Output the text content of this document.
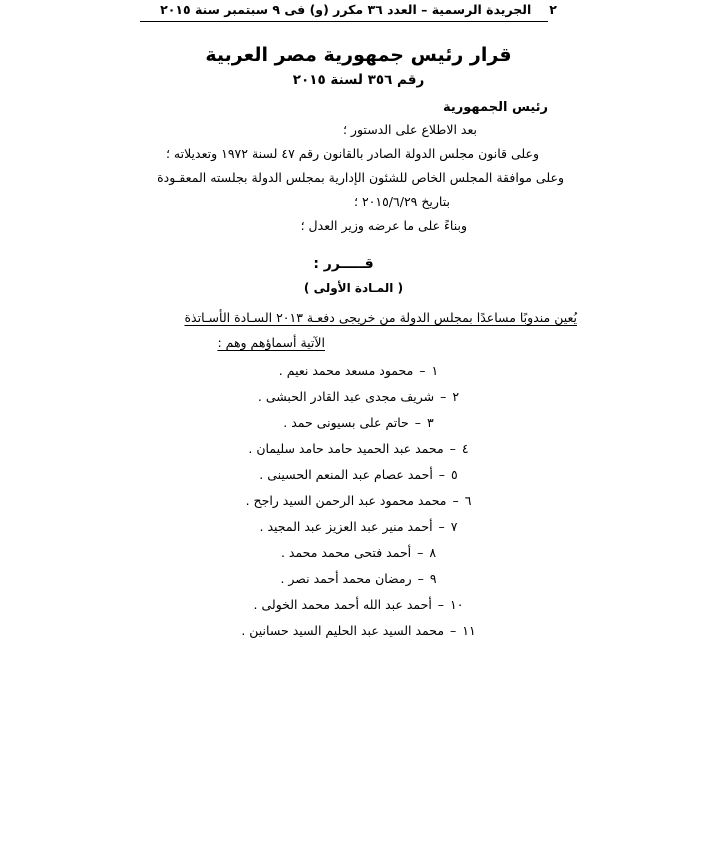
٢الجريدة الرسمية – العدد ٣٦ مكرر (و) فى ٩ سبتمبر سنة ٢٠١٥
قرار رئيس جمهورية مصر العربية
رقم ٣٥٦ لسنة ٢٠١٥
رئيس الجمهورية
بعد الاطلاع على الدستور ؛
وعلى قانون مجلس الدولة الصادر بالقانون رقم ٤٧ لسنة ١٩٧٢ وتعديلاته ؛
وعلى موافقة المجلس الخاص للشئون الإدارية بمجلس الدولة بجلسته المعقـودة
بتاريخ ٢٠١٥/٦/٢٩ ؛
وبناءً على ما عرضه وزير العدل ؛
قـــــرر :
( المـادة الأولى )
يُعين مندوبًا مساعدًا بمجلس الدولة من خريجى دفعـة ٢٠١٣ السـادة الأسـاتذة
الآتية أسماؤهم وهم :
١ – محمود مسعد محمد نعيم .
٢ – شريف مجدى عبد القادر الحبشى .
٣ – حاتم على بسيونى حمد .
٤ – محمد عبد الحميد حامد حامد سليمان .
٥ – أحمد عصام عبد المنعم الحسينى .
٦ – محمد محمود عبد الرحمن السيد راجح .
٧ – أحمد منير عبد العزيز عبد المجيد .
٨ – أحمد فتحى محمد محمد .
٩ – رمضان محمد أحمد نصر .
١٠ – أحمد عبد الله أحمد محمد الخولى .
١١ – محمد السيد عبد الحليم السيد حسانين .
